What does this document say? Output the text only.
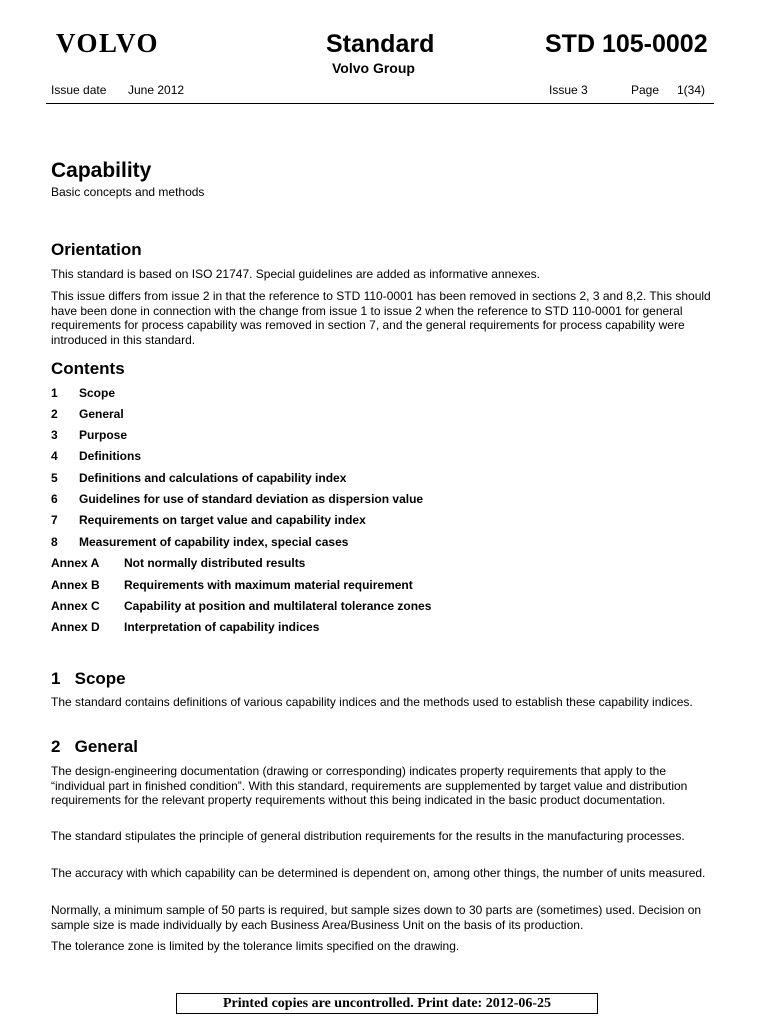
VOLVO	Standard	STD 105-0002
Volvo Group
Issue date June 2012	Issue 3	Page 1(34)
Capability
Basic concepts and methods
Orientation

This standard is based on ISO 21747. Special guidelines are added as informative annexes.

This issue differs from issue 2 in that the reference to STD 110-0001 has been removed in sections 2, 3 and 8,2. This should have been done in connection with the change from issue 1 to issue 2 when the reference to STD 110-0001 for general requirements for process capability was removed in section 7, and the general requirements for process capability were introduced in this standard.

Contents
1 Scope
2 General
3 Purpose
4 Definitions
5 Definitions and calculations of capability index
6 Guidelines for use of standard deviation as dispersion value
7 Requirements on target value and capability index
8 Measurement of capability index, special cases
Annex A Not normally distributed results
Annex B Requirements with maximum material requirement
Annex C Capability at position and multilateral tolerance zones
Annex D Interpretation of capability indices
1   Scope

The standard contains definitions of various capability indices and the methods used to establish these capability indices.

2   General

The design-engineering documentation (drawing or corresponding) indicates property requirements that apply to the “individual part in finished condition”. With this standard, requirements are supplemented by target value and distribution requirements for the relevant property requirements without this being indicated in the basic product documentation.

The standard stipulates the principle of general distribution requirements for the results in the manufacturing processes.

The accuracy with which capability can be determined is dependent on, among other things, the number of units measured.

Normally, a minimum sample of 50 parts is required, but sample sizes down to 30 parts are (sometimes) used. Decision on sample size is made individually by each Business Area/Business Unit on the basis of its production.

The tolerance zone is limited by the tolerance limits specified on the drawing.

Printed copies are uncontrolled. Print date: 2012-06-25
